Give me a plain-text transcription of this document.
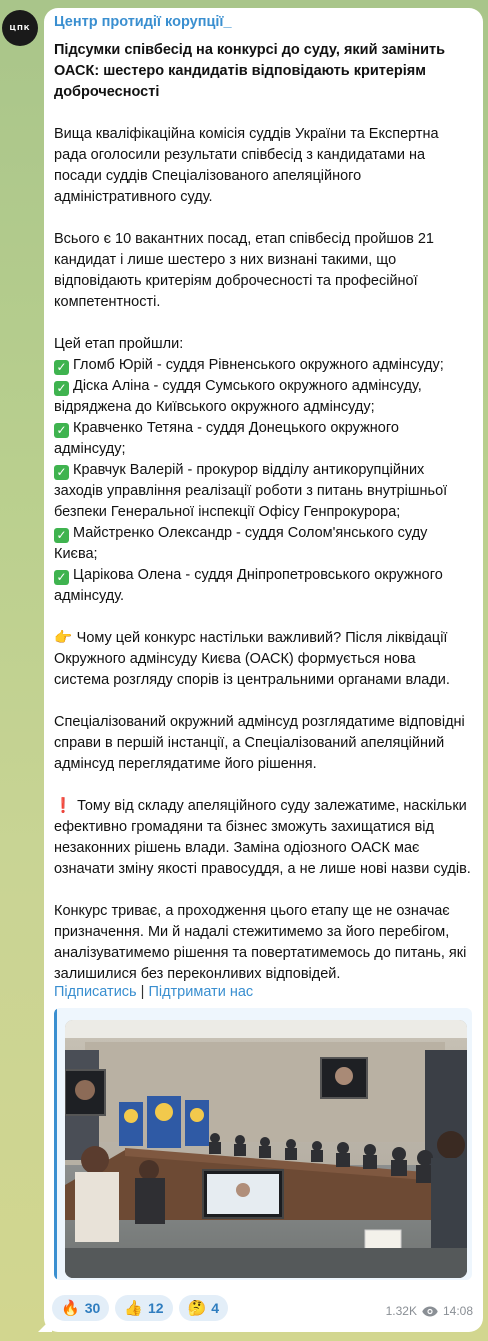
ЦПК Центр протидії корупції_

Підсумки співбесід на конкурсі до суду, який замінить ОАСК: шестеро кандидатів відповідають критеріям доброчесності

Вища кваліфікаційна комісія суддів України та Експертна рада оголосили результати співбесід з кандидатами на посади суддів Спеціалізованого апеляційного адміністративного суду.

Всього є 10 вакантних посад, етап співбесід пройшов 21 кандидат і лише шестеро з них визнані такими, що відповідають критеріям доброчесності та професійної компетентності.

Цей етап пройшли:

✓ Гломб Юрій - суддя Рівненського окружного адмінсуду;

✓ Діска Аліна - суддя Сумського окружного адмінсуду, відряджена до Київського окружного адмінсуду;

✓ Кравченко Тетяна - суддя Донецького окружного адмінсуду;

✓ Кравчук Валерій - прокурор відділу антикорупційних заходів управління реалізації роботи з питань внутрішньої безпеки Генеральної інспекції Офісу Генпрокурора;

✓ Майстренко Олександр - суддя Солом'янського суду Києва;

✓ Царікова Олена - суддя Дніпропетровського окружного адмінсуду.

👉 Чому цей конкурс настільки важливий? Після ліквідації Окружного адмінсуду Києва (ОАСК) формується нова система розгляду спорів із центральними органами влади.

Спеціалізований окружний адмінсуд розглядатиме відповідні справи в першій інстанції, а Спеціалізований апеляційний адмінсуд переглядатиме його рішення.

❗ Тому від складу апеляційного суду залежатиме, наскільки ефективно громадяни та бізнес зможуть захищатися від незаконних рішень влади. Заміна одіозного ОАСК має означати зміну якості правосуддя, а не лише нові назви судів.

Конкурс триває, а проходження цього етапу ще не означає призначення. Ми й надалі стежитимемо за його перебігом, аналізуватимемо рішення та повертатимемось до питань, які залишилися без переконливих відповідей.

Підписатись | Підтримати нас
🔥 30 👍 12 🤔 4	1.32K 14:08
